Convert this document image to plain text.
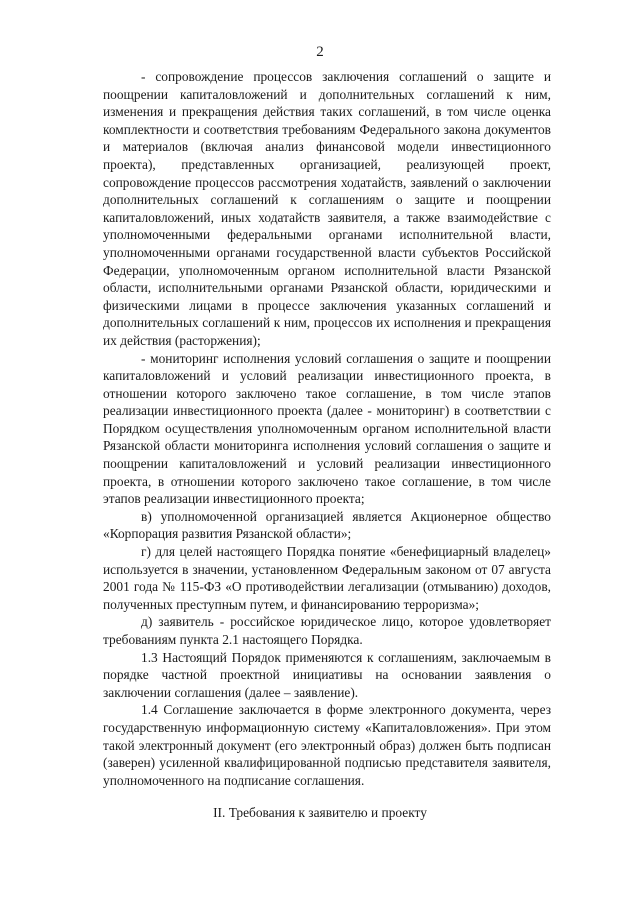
2

- сопровождение процессов заключения соглашений о защите и поощрении капиталовложений и дополнительных соглашений к ним, изменения и прекращения действия таких соглашений, в том числе оценка комплектности и соответствия требованиям Федерального закона документов и материалов (включая анализ финансовой модели инвестиционного проекта), представленных организацией, реализующей проект, сопровождение процессов рассмотрения ходатайств, заявлений о заключении дополнительных соглашений к соглашениям о защите и поощрении капиталовложений, иных ходатайств заявителя, а также взаимодействие с уполномоченными федеральными органами исполнительной власти, уполномоченными органами государственной власти субъектов Российской Федерации, уполномоченным органом исполнительной власти Рязанской области, исполнительными органами Рязанской области, юридическими и физическими лицами в процессе заключения указанных соглашений и дополнительных соглашений к ним, процессов их исполнения и прекращения их действия (расторжения);

- мониторинг исполнения условий соглашения о защите и поощрении капиталовложений и условий реализации инвестиционного проекта, в отношении которого заключено такое соглашение, в том числе этапов реализации инвестиционного проекта (далее - мониторинг) в соответствии с Порядком осуществления уполномоченным органом исполнительной власти Рязанской области мониторинга исполнения условий соглашения о защите и поощрении капиталовложений и условий реализации инвестиционного проекта, в отношении которого заключено такое соглашение, в том числе этапов реализации инвестиционного проекта;

в) уполномоченной организацией является Акционерное общество «Корпорация развития Рязанской области»;

г) для целей настоящего Порядка понятие «бенефициарный владелец» используется в значении, установленном Федеральным законом от 07 августа 2001 года № 115-ФЗ «О противодействии легализации (отмыванию) доходов, полученных преступным путем, и финансированию терроризма»;

д) заявитель - российское юридическое лицо, которое удовлетворяет требованиям пункта 2.1 настоящего Порядка.

1.3 Настоящий Порядок применяются к соглашениям, заключаемым в порядке частной проектной инициативы на основании заявления о заключении соглашения (далее – заявление).

1.4 Соглашение заключается в форме электронного документа, через государственную информационную систему «Капиталовложения». При этом такой электронный документ (его электронный образ) должен быть подписан (заверен) усиленной квалифицированной подписью представителя заявителя, уполномоченного на подписание соглашения.

II. Требования к заявителю и проекту
